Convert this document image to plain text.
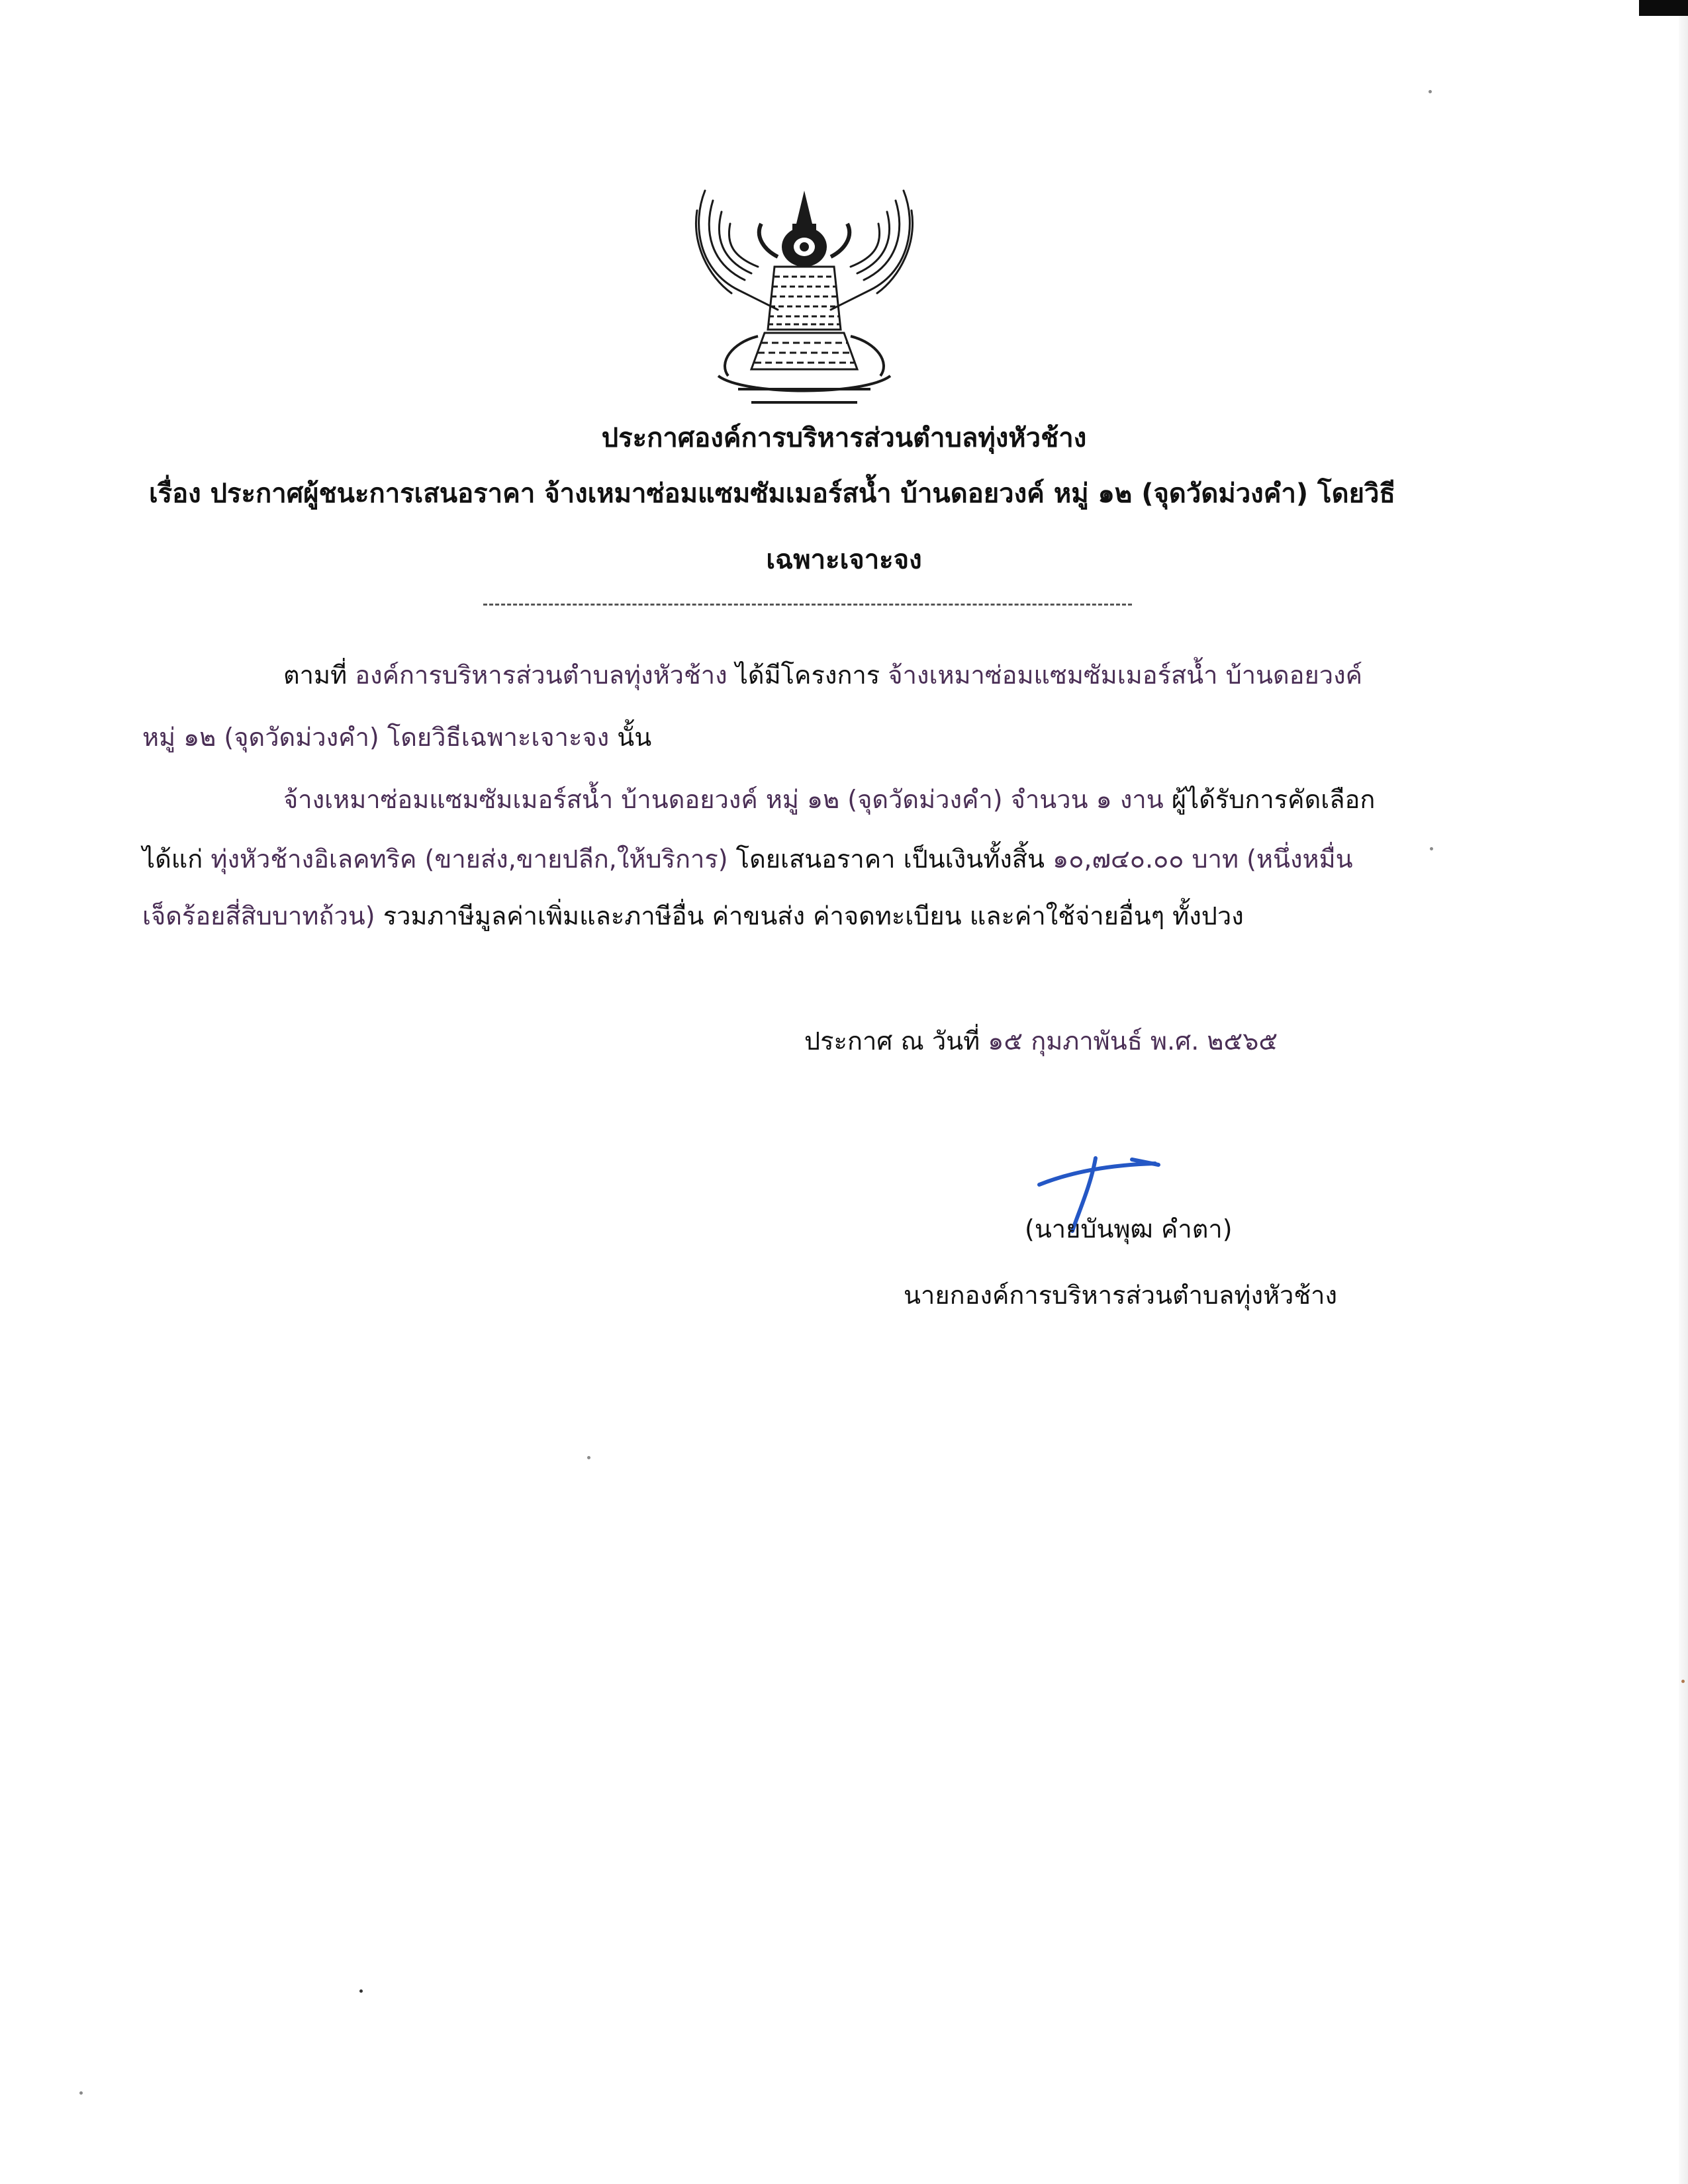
ประกาศองค์การบริหารส่วนตำบลทุ่งหัวช้าง
เรื่อง ประกาศผู้ชนะการเสนอราคา จ้างเหมาซ่อมแซมซัมเมอร์สน้ำ บ้านดอยวงค์ หมู่ ๑๒ (จุดวัดม่วงคำ) โดยวิธี
เฉพาะเจาะจง
ตามที่ องค์การบริหารส่วนตำบลทุ่งหัวช้าง ได้มีโครงการ จ้างเหมาซ่อมแซมซัมเมอร์สน้ำ บ้านดอยวงค์
หมู่ ๑๒ (จุดวัดม่วงคำ) โดยวิธีเฉพาะเจาะจง นั้น
จ้างเหมาซ่อมแซมซัมเมอร์สน้ำ บ้านดอยวงค์ หมู่ ๑๒ (จุดวัดม่วงคำ) จำนวน ๑ งาน ผู้ได้รับการคัดเลือก
ได้แก่ ทุ่งหัวช้างอิเลคทริค (ขายส่ง,ขายปลีก,ให้บริการ) โดยเสนอราคา เป็นเงินทั้งสิ้น ๑๐,๗๔๐.๐๐ บาท (หนึ่งหมื่น
เจ็ดร้อยสี่สิบบาทถ้วน) รวมภาษีมูลค่าเพิ่มและภาษีอื่น ค่าขนส่ง ค่าจดทะเบียน และค่าใช้จ่ายอื่นๆ ทั้งปวง
ประกาศ ณ วันที่ ๑๕ กุมภาพันธ์ พ.ศ. ๒๕๖๕
(นายบันพุฒ คำตา)
นายกองค์การบริหารส่วนตำบลทุ่งหัวช้าง
